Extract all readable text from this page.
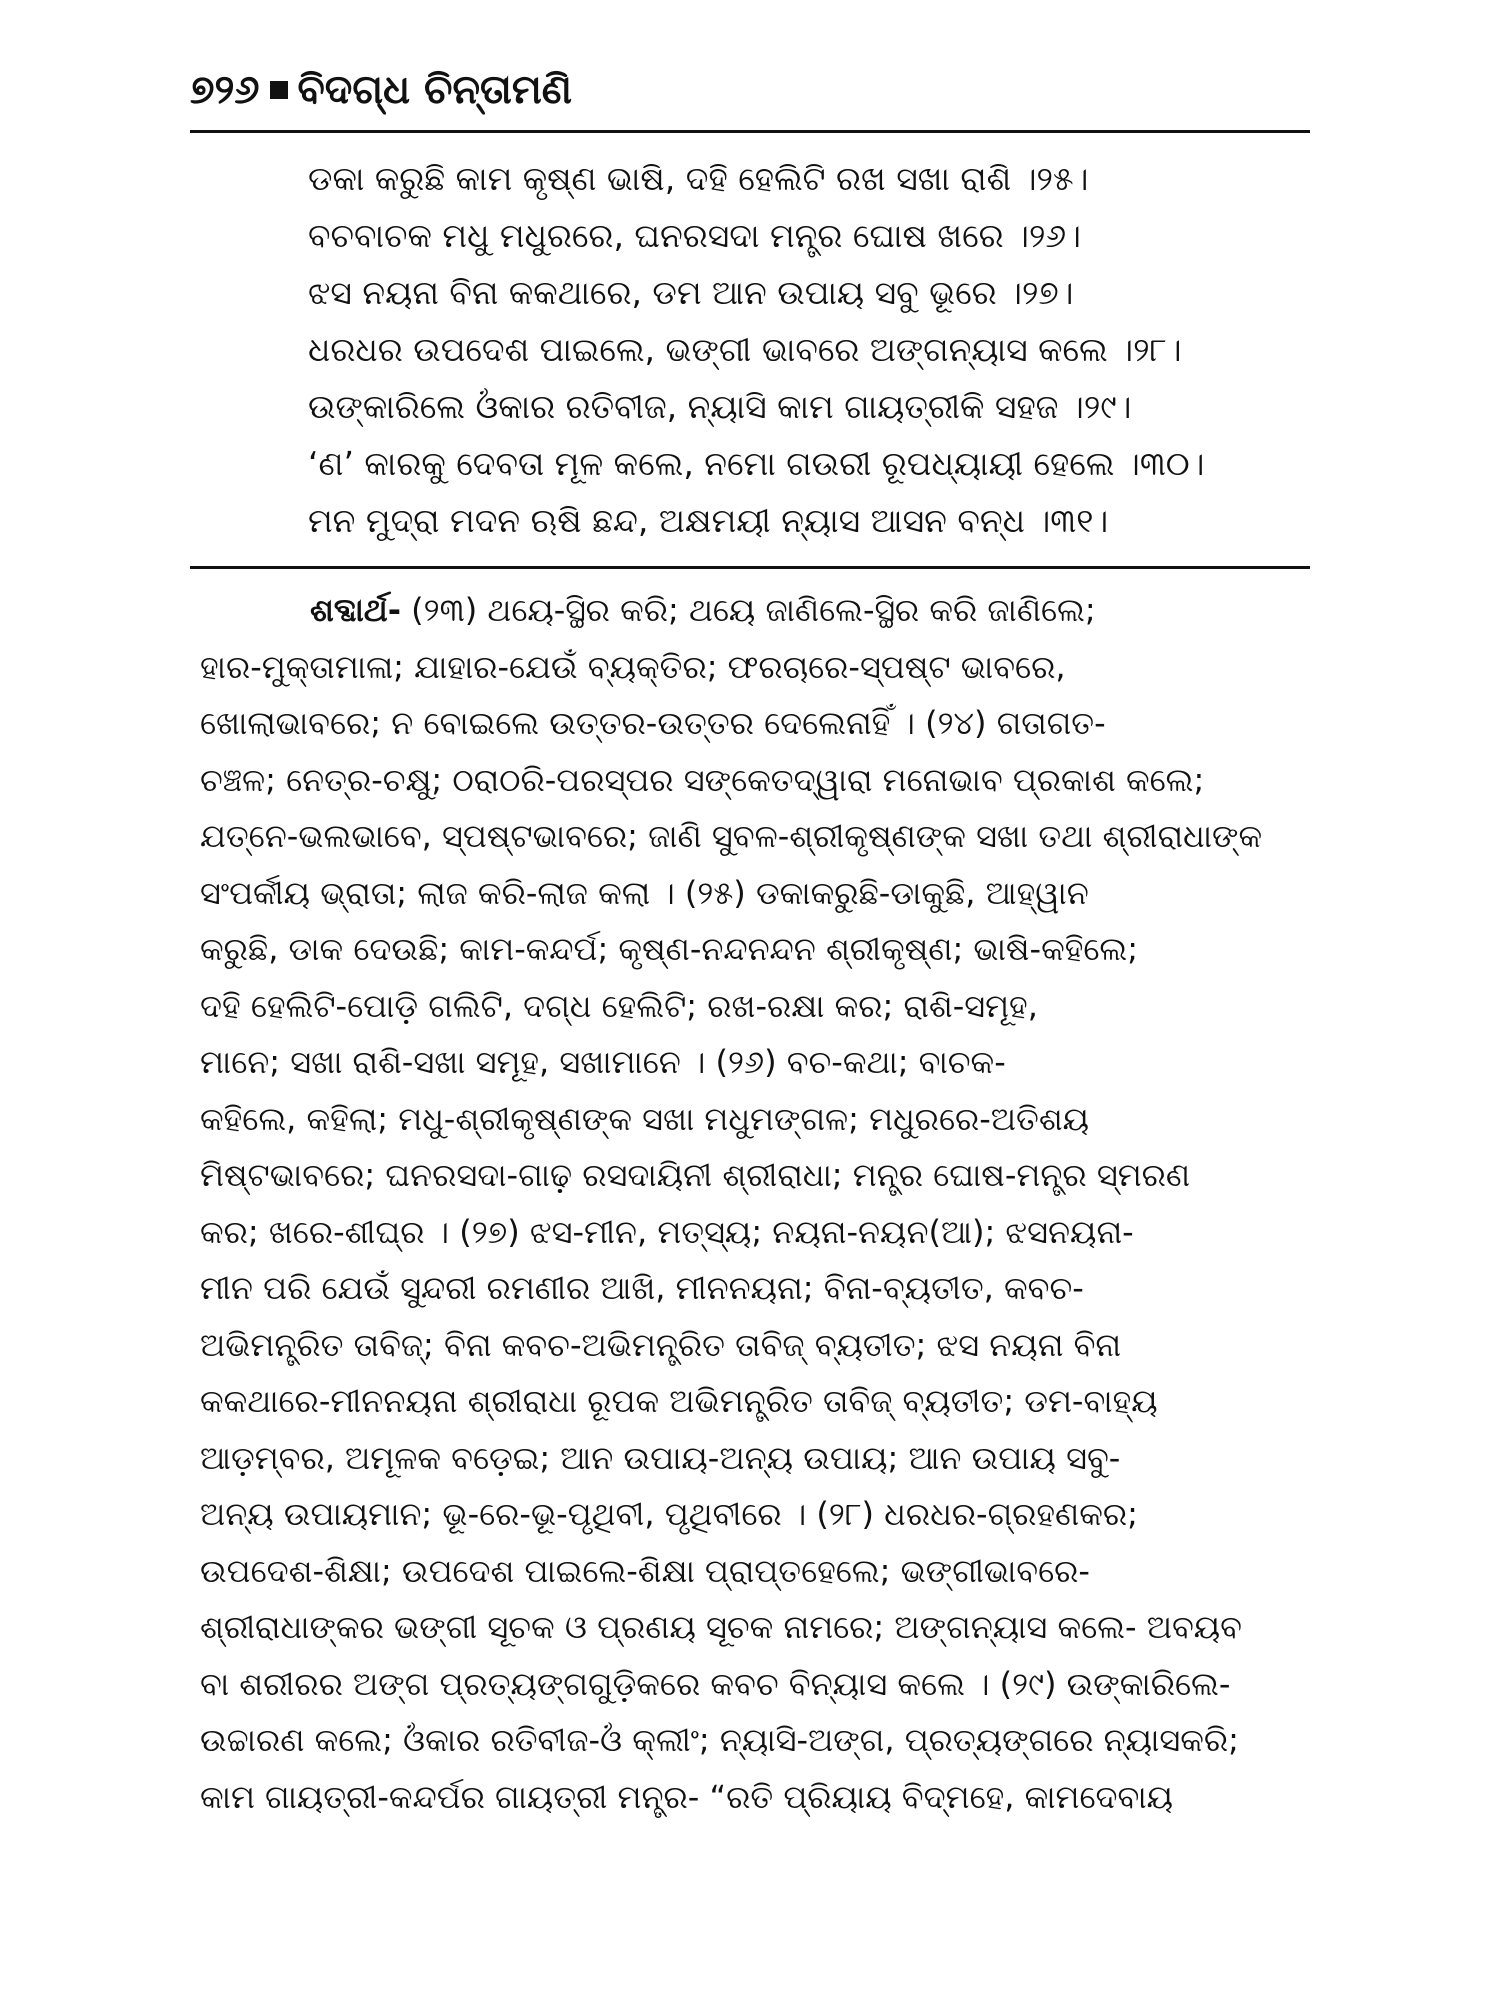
୭୨୬ ବିଦଗ୍ଧ ଚିନ୍ତାମଣି
ଡକା କରୁଛି କାମ କୃଷ୍ଣ ଭାଷି, ଦହି ହେଲିଟି ରଖ ସଖା ରାଶି ।୨୫।
ବଚବାଚକ ମଧୁ ମଧୁରରେ, ଘନରସଦା ମନ୍ତ୍ର ଘୋଷ ଖରେ ।୨୬।
ଝସ ନୟନା ବିନା କକଥାରେ, ଡମ ଆନ ଉପାୟ ସବୁ ଭୂରେ ।୨୭।
ଧରଧର ଉପଦେଶ ପାଇଲେ, ଭଙ୍ଗୀ ଭାବରେ ଅଙ୍ଗନ୍ୟାସ କଲେ ।୨୮।
ଉଙ୍କାରିଲେ ଓଁକାର ରତିବୀଜ, ନ୍ୟାସି କାମ ଗାୟତ୍ରୀକି ସହଜ ।୨୯।
‘ଣ’ କାରକୁ ଦେବତା ମୂଳ କଲେ, ନମୋ ଗଉରୀ ରୂପଧ୍ୟାୟୀ ହେଲେ ।୩୦।
ମନ ମୁଦ୍ରା ମଦନ ଋଷି ଛନ୍ଦ, ଅକ୍ଷମୟୀ ନ୍ୟାସ ଆସନ ବନ୍ଧ ।୩୧।
ଶବ୍ଦାର୍ଥ- (୨୩) ଥୟେ-ସ୍ଥିର କରି; ଥୟେ ଜାଣିଲେ-ସ୍ଥିର କରି ଜାଣିଲେ;
ହାର-ମୁକ୍ତାମାଳା; ଯାହାର-ଯେଉଁ ବ୍ୟକ୍ତିର; ଫରଚାରେ-ସ୍ପଷ୍ଟ ଭାବରେ,
ଖୋଲାଭାବରେ; ନ ବୋଇଲେ ଉତ୍ତର-ଉତ୍ତର ଦେଲେନାହିଁ । (୨୪) ଗତାଗତ-
ଚଞ୍ଚଳ; ନେତ୍ର-ଚକ୍ଷୁ; ଠରାଠରି-ପରସ୍ପର ସଙ୍କେତଦ୍ୱାରା ମନୋଭାବ ପ୍ରକାଶ କଲେ;
ଯତ୍ନେ-ଭଲଭାବେ, ସ୍ପଷ୍ଟଭାବରେ; ଜାଣି ସୁବଳ-ଶ୍ରୀକୃଷ୍ଣଙ୍କ ସଖା ତଥା ଶ୍ରୀରାଧାଙ୍କ
ସଂପର୍କୀୟ ଭ୍ରାତା; ଲାଜ କରି-ଲାଜ କଲା । (୨୫) ଡକାକରୁଛି-ଡାକୁଛି, ଆହ୍ୱାନ
କରୁଛି, ଡାକ ଦେଉଛି; କାମ-କନ୍ଦର୍ପ; କୃଷ୍ଣ-ନନ୍ଦନନ୍ଦନ ଶ୍ରୀକୃଷ୍ଣ; ଭାଷି-କହିଲେ;
ଦହି ହେଲିଟି-ପୋଡ଼ି ଗଲିଟି, ଦଗ୍ଧ ହେଲିଟି; ରଖ-ରକ୍ଷା କର; ରାଶି-ସମୂହ,
ମାନେ; ସଖା ରାଶି-ସଖା ସମୂହ, ସଖାମାନେ । (୨୬) ବଚ-କଥା; ବାଚକ-
କହିଲେ, କହିଲା; ମଧୁ-ଶ୍ରୀକୃଷ୍ଣଙ୍କ ସଖା ମଧୁମଙ୍ଗଳ; ମଧୁରରେ-ଅତିଶୟ
ମିଷ୍ଟଭାବରେ; ଘନରସଦା-ଗାଢ଼ ରସଦାୟିନୀ ଶ୍ରୀରାଧା; ମନ୍ତ୍ର ଘୋଷ-ମନ୍ତ୍ର ସ୍ମରଣ
କର; ଖରେ-ଶୀଘ୍ର । (୨୭) ଝସ-ମୀନ, ମତ୍ସ୍ୟ; ନୟନା-ନୟନ(ଆ); ଝସନୟନା-
ମୀନ ପରି ଯେଉଁ ସୁନ୍ଦରୀ ରମଣୀର ଆଖି, ମୀନନୟନା; ବିନା-ବ୍ୟତୀତ, କବଚ-
ଅଭିମନ୍ତ୍ରିତ ତାବିଜ୍; ବିନା କବଚ-ଅଭିମନ୍ତ୍ରିତ ତାବିଜ୍ ବ୍ୟତୀତ; ଝସ ନୟନା ବିନା
କକଥାରେ-ମୀନନୟନା ଶ୍ରୀରାଧା ରୂପକ ଅଭିମନ୍ତ୍ରିତ ତାବିଜ୍ ବ୍ୟତୀତ; ଡମ-ବାହ୍ୟ
ଆଡ଼ମ୍ବର, ଅମୂଳକ ବଡ଼େଇ; ଆନ ଉପାୟ-ଅନ୍ୟ ଉପାୟ; ଆନ ଉପାୟ ସବୁ-
ଅନ୍ୟ ଉପାୟମାନ; ଭୂ-ରେ-ଭୂ-ପୃଥିବୀ, ପୃଥିବୀରେ । (୨୮) ଧରଧର-ଗ୍ରହଣକର;
ଉପଦେଶ-ଶିକ୍ଷା; ଉପଦେଶ ପାଇଲେ-ଶିକ୍ଷା ପ୍ରାପ୍ତହେଲେ; ଭଙ୍ଗୀଭାବରେ-
ଶ୍ରୀରାଧାଙ୍କର ଭଙ୍ଗୀ ସୂଚକ ଓ ପ୍ରଣୟ ସୂଚକ ନାମରେ; ଅଙ୍ଗନ୍ୟାସ କଲେ- ଅବୟବ
ବା ଶରୀରର ଅଙ୍ଗ ପ୍ରତ୍ୟଙ୍ଗଗୁଡ଼ିକରେ କବଚ ବିନ୍ୟାସ କଲେ । (୨୯) ଉଙ୍କାରିଲେ-
ଉଚ୍ଚାରଣ କଲେ; ଓଁକାର ରତିବୀଜ-ଓଁ କ୍ଲୀଂ; ନ୍ୟାସି-ଅଙ୍ଗ, ପ୍ରତ୍ୟଙ୍ଗରେ ନ୍ୟାସକରି;
କାମ ଗାୟତ୍ରୀ-କନ୍ଦର୍ପର ଗାୟତ୍ରୀ ମନ୍ତ୍ର- “ରତି ପ୍ରିୟାୟ ବିଦ୍ମହେ, କାମଦେବାୟ
